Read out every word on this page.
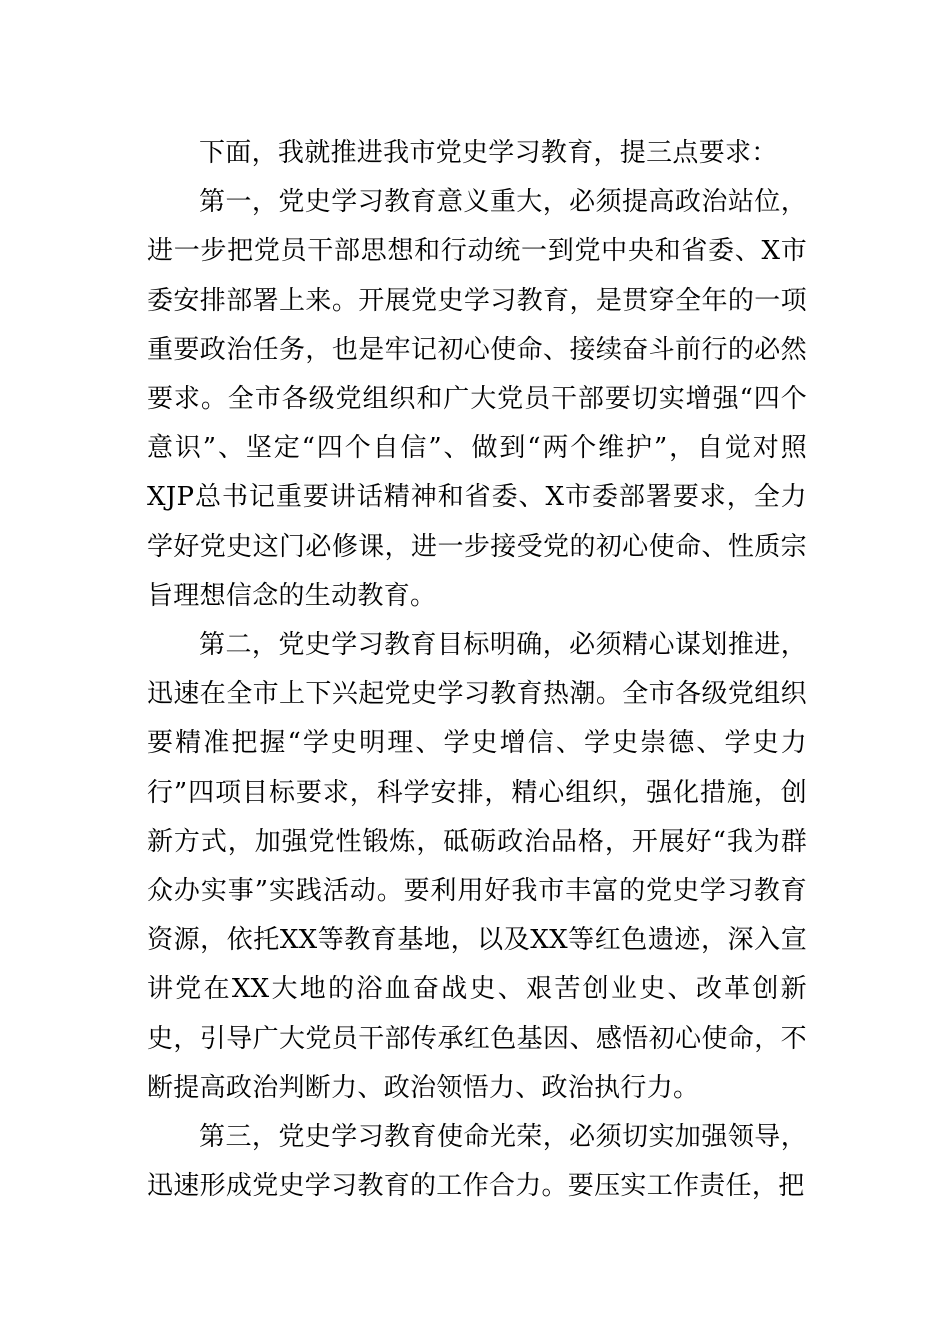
下面，我就推进我市党史学习教育，提三点要求：

第一，党史学习教育意义重大，必须提高政治站位，进一步把党员干部思想和行动统一到党中央和省委、X市委安排部署上来。开展党史学习教育，是贯穿全年的一项重要政治任务，也是牢记初心使命、接续奋斗前行的必然要求。全市各级党组织和广大党员干部要切实增强“四个意识”、坚定“四个自信”、做到“两个维护”，自觉对照XJP总书记重要讲话精神和省委、X市委部署要求，全力学好党史这门必修课，进一步接受党的初心使命、性质宗旨理想信念的生动教育。

第二，党史学习教育目标明确，必须精心谋划推进，迅速在全市上下兴起党史学习教育热潮。全市各级党组织要精准把握“学史明理、学史增信、学史崇德、学史力行”四项目标要求，科学安排，精心组织，强化措施，创新方式，加强党性锻炼，砥砺政治品格，开展好“我为群众办实事”实践活动。要利用好我市丰富的党史学习教育资源，依托XX等教育基地，以及XX等红色遗迹，深入宣讲党在XX大地的浴血奋战史、艰苦创业史、改革创新史，引导广大党员干部传承红色基因、感悟初心使命，不断提高政治判断力、政治领悟力、政治执行力。

第三，党史学习教育使命光荣，必须切实加强领导，迅速形成党史学习教育的工作合力。要压实工作责任，把
